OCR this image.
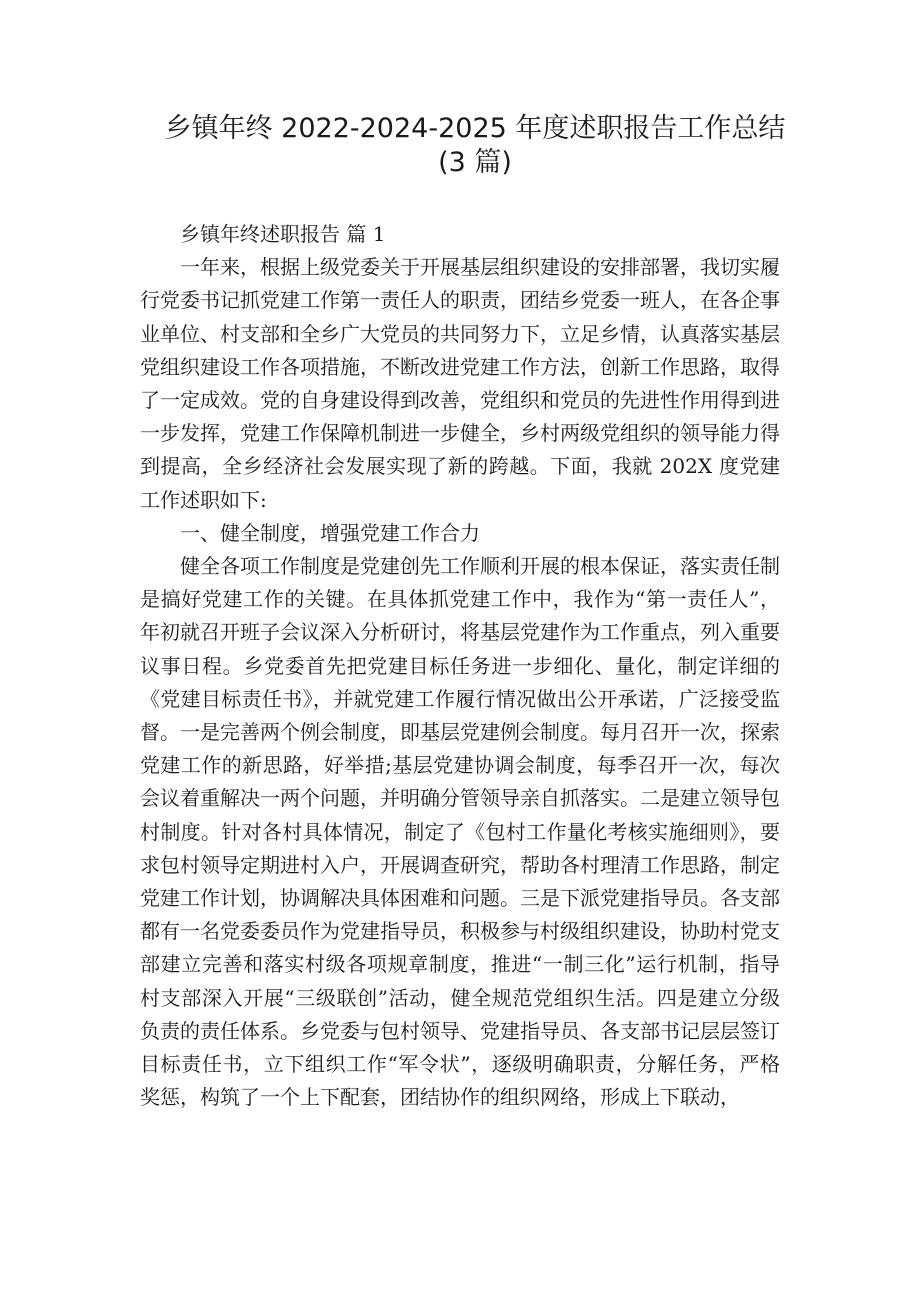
乡镇年终 2022-2024-2025 年度述职报告工作总结 (3 篇)

乡镇年终述职报告 篇 1

一年来，根据上级党委关于开展基层组织建设的安排部署，我切实履行党委书记抓党建工作第一责任人的职责，团结乡党委一班人，在各企事业单位、村支部和全乡广大党员的共同努力下，立足乡情，认真落实基层党组织建设工作各项措施，不断改进党建工作方法，创新工作思路，取得了一定成效。党的自身建设得到改善，党组织和党员的先进性作用得到进一步发挥，党建工作保障机制进一步健全，乡村两级党组织的领导能力得到提高，全乡经济社会发展实现了新的跨越。下面，我就 202X 度党建工作述职如下:

一、健全制度，增强党建工作合力

健全各项工作制度是党建创先工作顺利开展的根本保证，落实责任制是搞好党建工作的关键。在具体抓党建工作中，我作为“第一责任人”，年初就召开班子会议深入分析研讨，将基层党建作为工作重点，列入重要议事日程。乡党委首先把党建目标任务进一步细化、量化，制定详细的《党建目标责任书》，并就党建工作履行情况做出公开承诺，广泛接受监督。一是完善两个例会制度，即基层党建例会制度。每月召开一次，探索党建工作的新思路，好举措;基层党建协调会制度，每季召开一次，每次会议着重解决一两个问题，并明确分管领导亲自抓落实。二是建立领导包村制度。针对各村具体情况，制定了《包村工作量化考核实施细则》，要求包村领导定期进村入户，开展调查研究，帮助各村理清工作思路，制定党建工作计划，协调解决具体困难和问题。三是下派党建指导员。各支部都有一名党委委员作为党建指导员，积极参与村级组织建设，协助村党支部建立完善和落实村级各项规章制度，推进“一制三化”运行机制，指导村支部深入开展“三级联创”活动，健全规范党组织生活。四是建立分级负责的责任体系。乡党委与包村领导、党建指导员、各支部书记层层签订目标责任书，立下组织工作“军令状”，逐级明确职责，分解任务，严格奖惩，构筑了一个上下配套，团结协作的组织网络，形成上下联动，
